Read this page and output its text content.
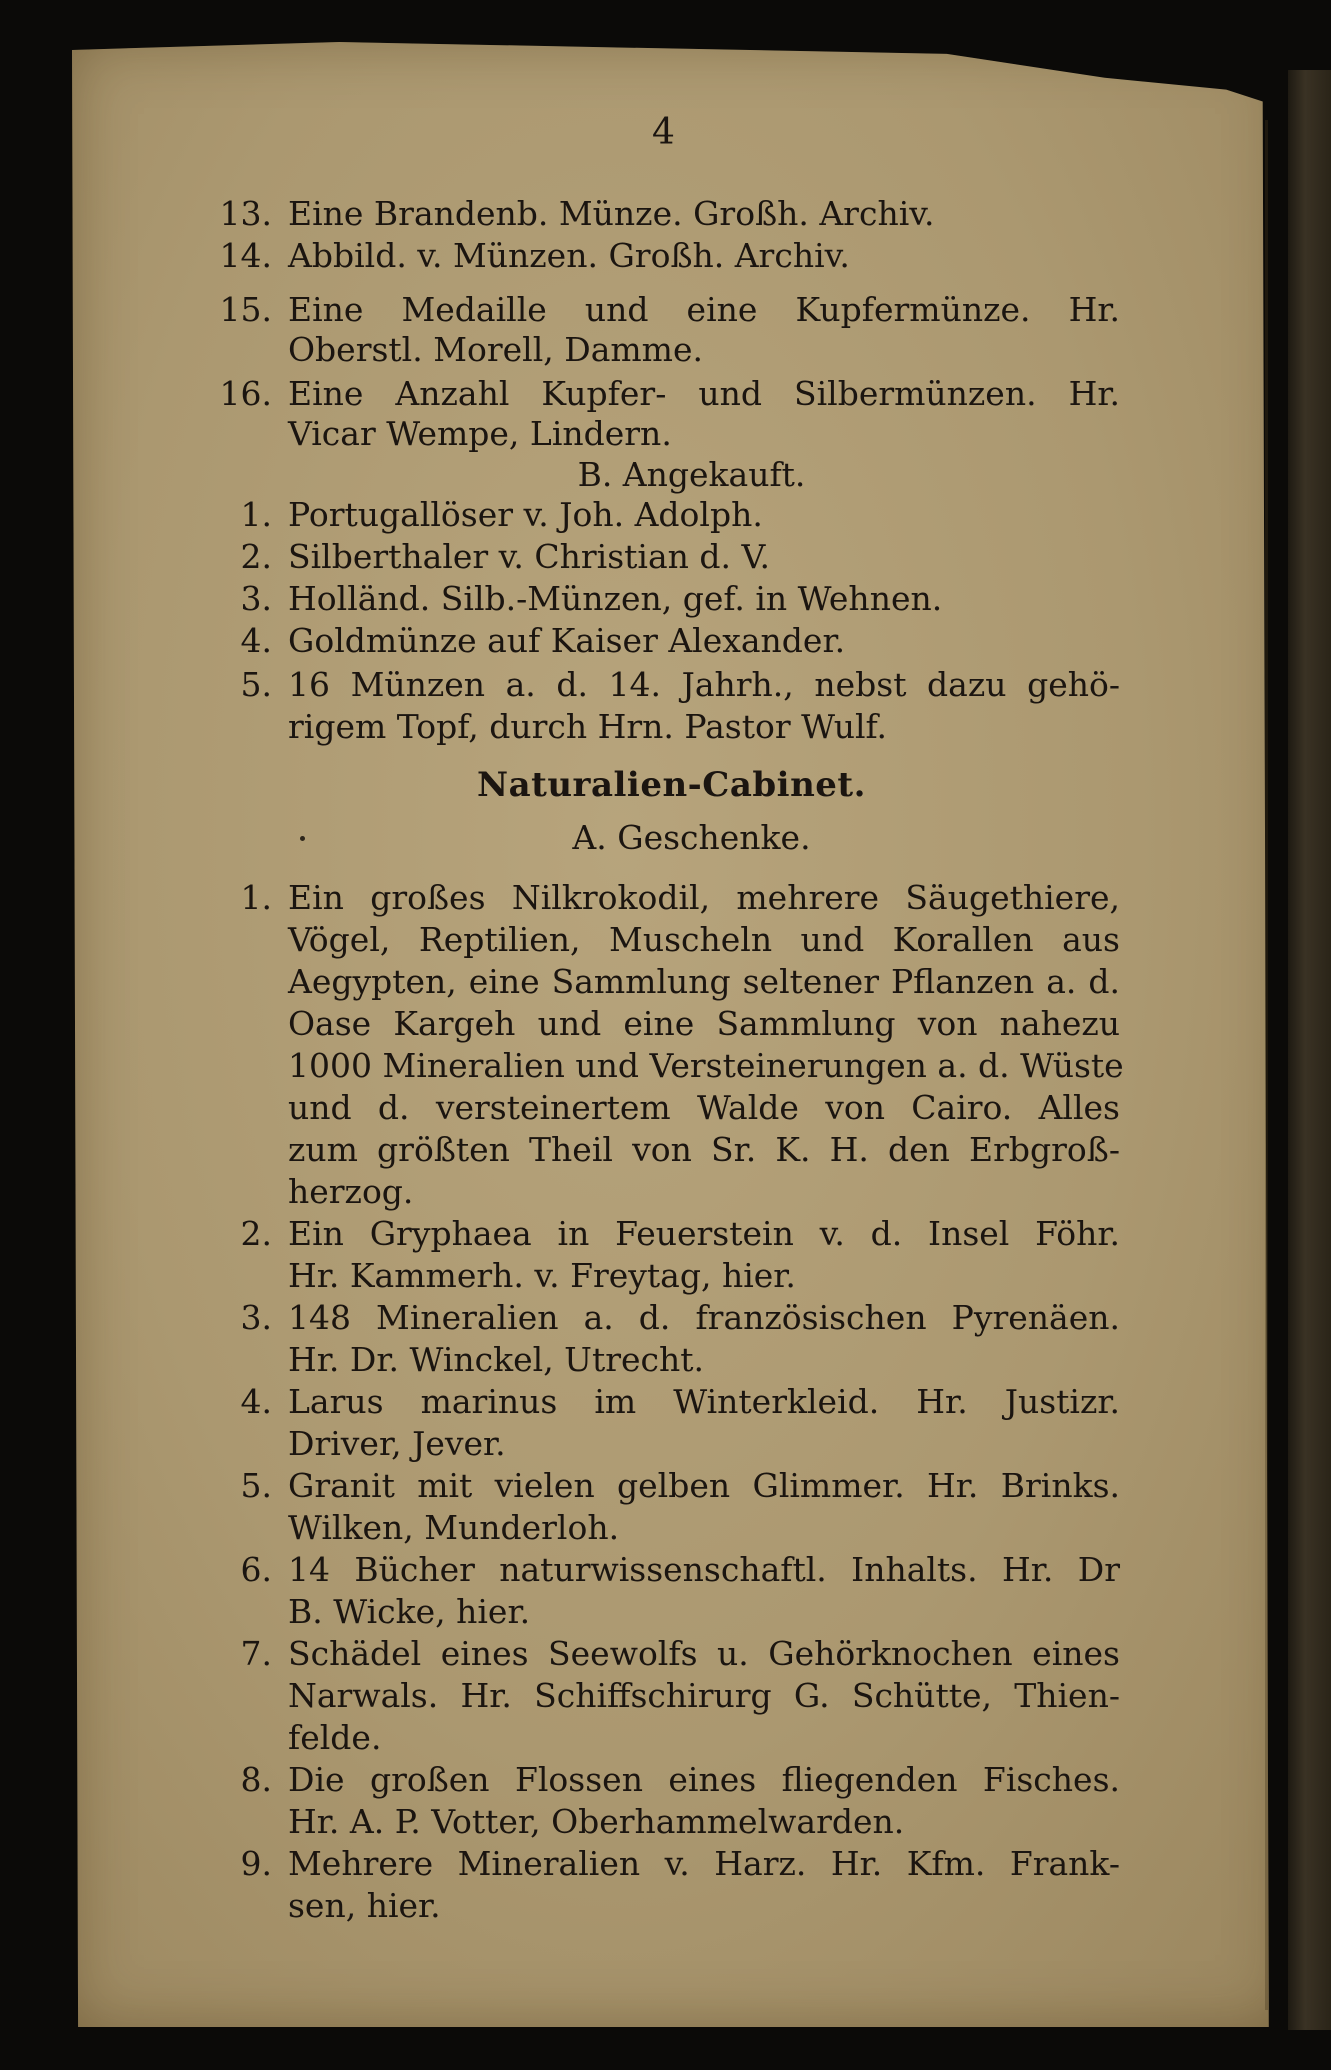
4
13. Eine Brandenb. Münze. Großh. Archiv.
14. Abbild. v. Münzen. Großh. Archiv.
15. Eine Medaille und eine Kupfermünze. Hr.
Oberstl. Morell, Damme.
16. Eine Anzahl Kupfer- und Silbermünzen. Hr.
Vicar Wempe, Lindern.
B. Angekauft.
1. Portugallöser v. Joh. Adolph.
2. Silberthaler v. Christian d. V.
3. Holländ. Silb.-Münzen, gef. in Wehnen.
4. Goldmünze auf Kaiser Alexander.
5. 16 Münzen a. d. 14. Jahrh., nebst dazu gehö-
rigem Topf, durch Hrn. Pastor Wulf.
Naturalien-Cabinet.
A. Geschenke.
1. Ein großes Nilkrokodil, mehrere Säugethiere,
Vögel, Reptilien, Muscheln und Korallen aus
Aegypten, eine Sammlung seltener Pflanzen a. d.
Oase Kargeh und eine Sammlung von nahezu
1000 Mineralien und Versteinerungen a. d. Wüste
und d. versteinertem Walde von Cairo. Alles
zum größten Theil von Sr. K. H. den Erbgroß-
herzog.
2. Ein Gryphaea in Feuerstein v. d. Insel Föhr.
Hr. Kammerh. v. Freytag, hier.
3. 148 Mineralien a. d. französischen Pyrenäen.
Hr. Dr. Winckel, Utrecht.
4. Larus marinus im Winterkleid. Hr. Justizr.
Driver, Jever.
5. Granit mit vielen gelben Glimmer. Hr. Brinks.
Wilken, Munderloh.
6. 14 Bücher naturwissenschaftl. Inhalts. Hr. Dr
B. Wicke, hier.
7. Schädel eines Seewolfs u. Gehörknochen eines
Narwals. Hr. Schiffschirurg G. Schütte, Thien-
felde.
8. Die großen Flossen eines fliegenden Fisches.
Hr. A. P. Votter, Oberhammelwarden.
9. Mehrere Mineralien v. Harz. Hr. Kfm. Frank-
sen, hier.
